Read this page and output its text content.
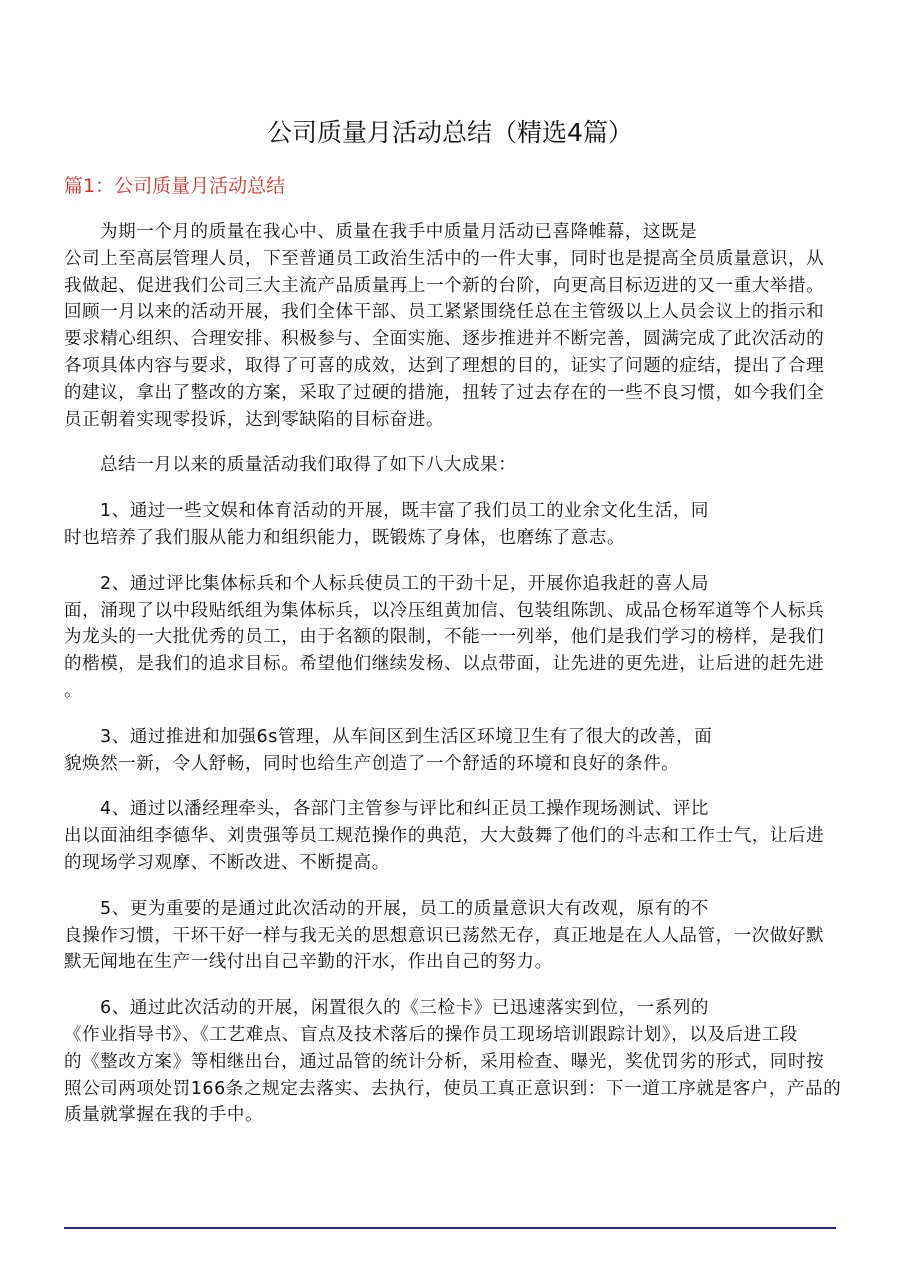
公司质量月活动总结（精选4篇）
篇1：公司质量月活动总结
为期一个月的质量在我心中、质量在我手中质量月活动已喜降帷幕，这既是
公司上至高层管理人员，下至普通员工政治生活中的一件大事，同时也是提高全员质量意识，从
我做起、促进我们公司三大主流产品质量再上一个新的台阶，向更高目标迈进的又一重大举措。
回顾一月以来的活动开展，我们全体干部、员工紧紧围绕任总在主管级以上人员会议上的指示和
要求精心组织、合理安排、积极参与、全面实施、逐步推进并不断完善，圆满完成了此次活动的
各项具体内容与要求，取得了可喜的成效，达到了理想的目的，证实了问题的症结，提出了合理
的建议，拿出了整改的方案，采取了过硬的措施，扭转了过去存在的一些不良习惯，如今我们全
员正朝着实现零投诉，达到零缺陷的目标奋进。
总结一月以来的质量活动我们取得了如下八大成果：
1、通过一些文娱和体育活动的开展，既丰富了我们员工的业余文化生活，同
时也培养了我们服从能力和组织能力，既锻炼了身体，也磨练了意志。
2、通过评比集体标兵和个人标兵使员工的干劲十足，开展你追我赶的喜人局
面，涌现了以中段贴纸组为集体标兵，以冷压组黄加信、包装组陈凯、成品仓杨军道等个人标兵
为龙头的一大批优秀的员工，由于名额的限制，不能一一列举，他们是我们学习的榜样，是我们
的楷模，是我们的追求目标。希望他们继续发杨、以点带面，让先进的更先进，让后进的赶先进
。
3、通过推进和加强6s管理，从车间区到生活区环境卫生有了很大的改善，面
貌焕然一新，令人舒畅，同时也给生产创造了一个舒适的环境和良好的条件。
4、通过以潘经理牵头，各部门主管参与评比和纠正员工操作现场测试、评比
出以面油组李德华、刘贵强等员工规范操作的典范，大大鼓舞了他们的斗志和工作士气，让后进
的现场学习观摩、不断改进、不断提高。
5、更为重要的是通过此次活动的开展，员工的质量意识大有改观，原有的不
良操作习惯，干坏干好一样与我无关的思想意识已荡然无存，真正地是在人人品管，一次做好默
默无闻地在生产一线付出自己辛勤的汗水，作出自己的努力。
6、通过此次活动的开展，闲置很久的《三检卡》已迅速落实到位，一系列的
《作业指导书》、《工艺难点、盲点及技术落后的操作员工现场培训跟踪计划》，以及后进工段
的《整改方案》等相继出台，通过品管的统计分析，采用检查、曝光，奖优罚劣的形式，同时按
照公司两项处罚166条之规定去落实、去执行，使员工真正意识到：下一道工序就是客户，产品的
质量就掌握在我的手中。
